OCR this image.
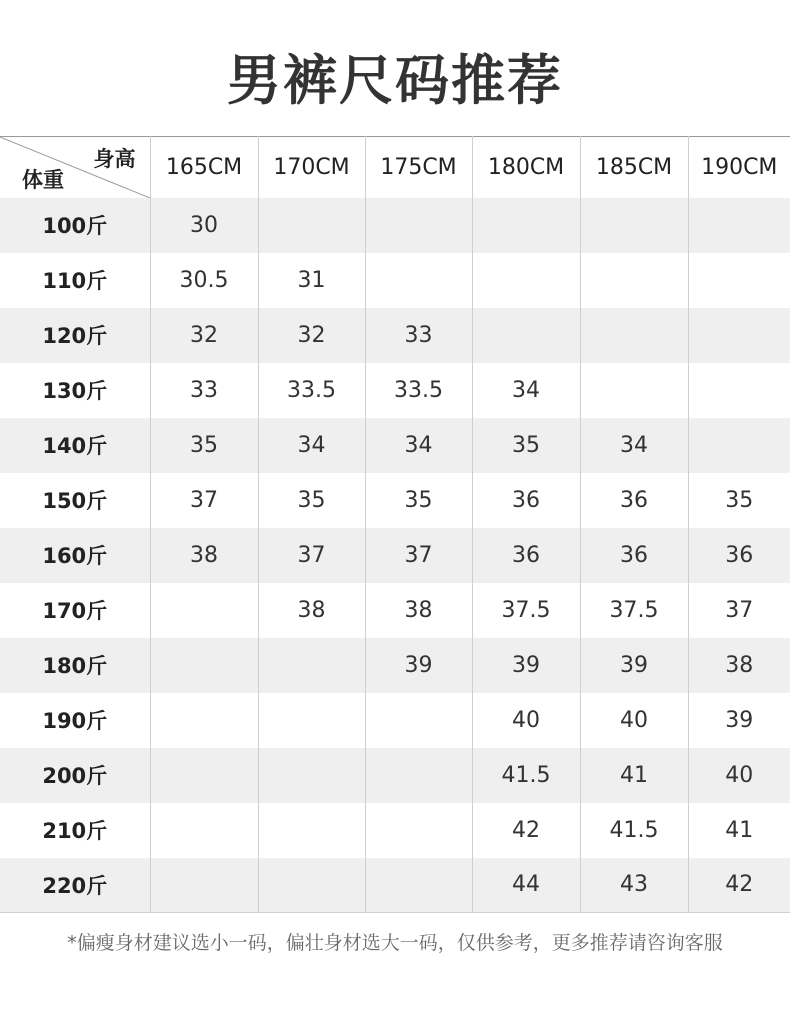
男裤尺码推荐
身高
体重	165CM	170CM	175CM	180CM	185CM	190CM
100斤	30					
110斤	30.5	31				
120斤	32	32	33			
130斤	33	33.5	33.5	34		
140斤	35	34	34	35	34	
150斤	37	35	35	36	36	35
160斤	38	37	37	36	36	36
170斤		38	38	37.5	37.5	37
180斤			39	39	39	38
190斤				40	40	39
200斤				41.5	41	40
210斤				42	41.5	41
220斤				44	43	42
*偏瘦身材建议选小一码，偏壮身材选大一码，仅供参考，更多推荐请咨询客服
